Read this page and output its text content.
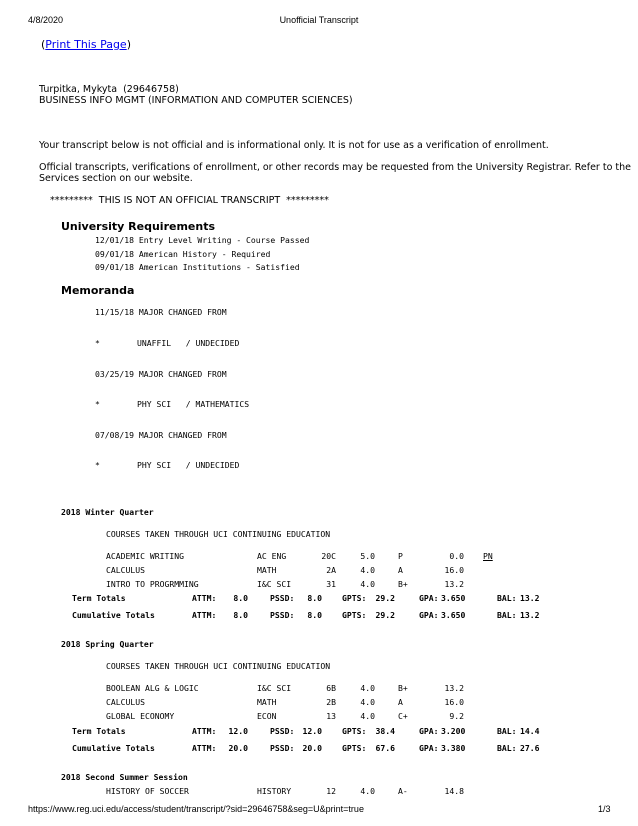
4/8/2020	Unofficial Transcript
(Print This Page)
Turpitka, Mykyta  (29646758)
BUSINESS INFO MGMT (INFORMATION AND COMPUTER SCIENCES)
Your transcript below is not official and is informational only. It is not for use as a verification of enrollment.
Official transcripts, verifications of enrollment, or other records may be requested from the University Registrar. Refer to the
Services section on our website.
*********  THIS IS NOT AN OFFICIAL TRANSCRIPT  *********
University Requirements
12/01/18 Entry Level Writing - Course Passed
09/01/18 American History - Required
09/01/18 American Institutions - Satisfied
Memoranda
11/15/18 MAJOR CHANGED FROM
*	UNAFFIL   / UNDECIDED
03/25/19 MAJOR CHANGED FROM
*	PHY SCI   / MATHEMATICS
07/08/19 MAJOR CHANGED FROM
*	PHY SCI   / UNDECIDED
2018 Winter Quarter
COURSES TAKEN THROUGH UCI CONTINUING EDUCATION
ACADEMIC WRITING	AC ENG	20C	5.0	P	0.0 PN
CALCULUS	MATH	2A	4.0	A	16.0
INTRO TO PROGRMMING	I&C SCI	31	4.0	B+	13.2
Term Totals	ATTM:	8.0	PSSD:	8.0 GPTS:	29.2	GPA: 3.650	BAL: 13.2
Cumulative Totals	ATTM:	8.0	PSSD:	8.0 GPTS:	29.2	GPA: 3.650	BAL: 13.2
2018 Spring Quarter
COURSES TAKEN THROUGH UCI CONTINUING EDUCATION
BOOLEAN ALG & LOGIC	I&C SCI	6B	4.0	B+	13.2
CALCULUS	MATH	2B	4.0	A	16.0
GLOBAL ECONOMY	ECON	13	4.0	C+	9.2
Term Totals	ATTM:	12.0	PSSD:	12.0 GPTS:	38.4	GPA: 3.200	BAL: 14.4
Cumulative Totals	ATTM:	20.0	PSSD:	20.0 GPTS:	67.6	GPA: 3.380	BAL: 27.6
2018 Second Summer Session
HISTORY OF SOCCER	HISTORY	12	4.0	A-	14.8
https://www.reg.uci.edu/access/student/transcript/?sid=29646758&seg=U&print=true	1/3
